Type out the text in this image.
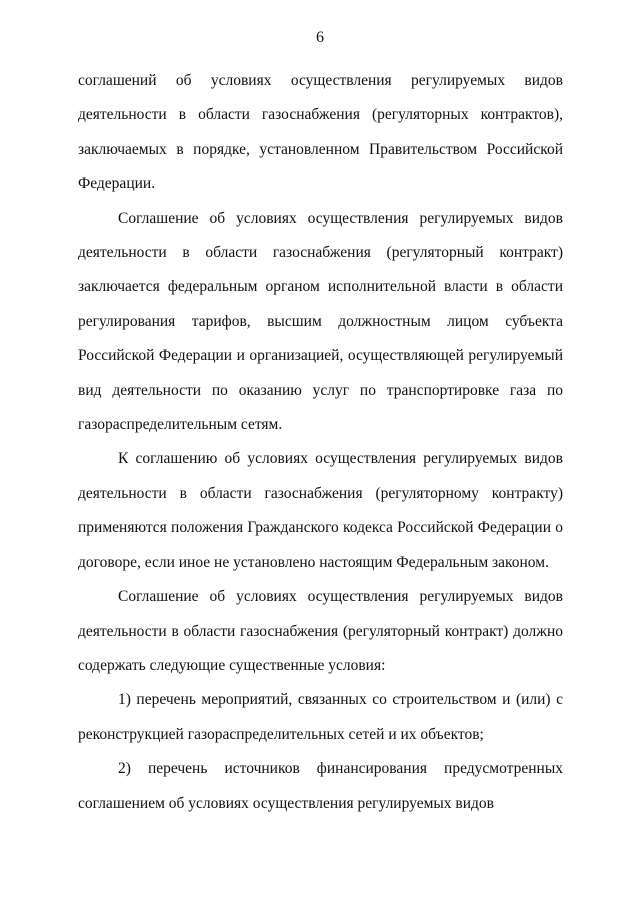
6

соглашений об условиях осуществления регулируемых видов деятельности в области газоснабжения (регуляторных контрактов), заключаемых в порядке, установленном Правительством Российской Федерации.

Соглашение об условиях осуществления регулируемых видов деятельности в области газоснабжения (регуляторный контракт) заключается федеральным органом исполнительной власти в области регулирования тарифов, высшим должностным лицом субъекта Российской Федерации и организацией, осуществляющей регулируемый вид деятельности по оказанию услуг по транспортировке газа по газораспределительным сетям.

К соглашению об условиях осуществления регулируемых видов деятельности в области газоснабжения (регуляторному контракту) применяются положения Гражданского кодекса Российской Федерации о договоре, если иное не установлено настоящим Федеральным законом.

Соглашение об условиях осуществления регулируемых видов деятельности в области газоснабжения (регуляторный контракт) должно содержать следующие существенные условия:

1) перечень мероприятий, связанных со строительством и (или) с реконструкцией газораспределительных сетей и их объектов;

2) перечень источников финансирования предусмотренных соглашением об условиях осуществления регулируемых видов
